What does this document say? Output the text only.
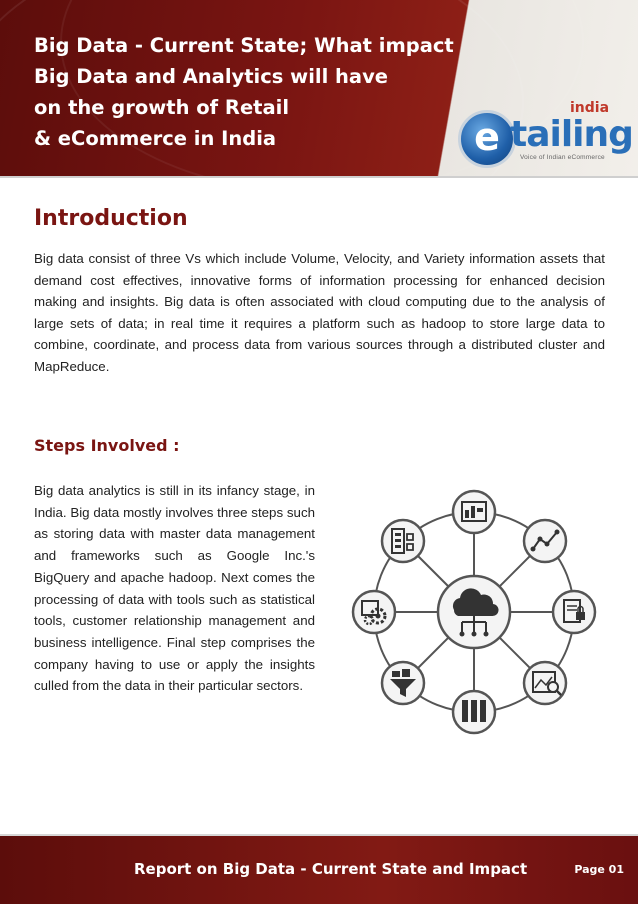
Big Data - Current State; What impact
Big Data and Analytics will have
on the growth of Retail
& eCommerce in India	e tailing
india
Voice of Indian eCommerce
Introduction

Big data consist of three Vs which include Volume, Velocity, and Variety information assets that demand cost effectives, innovative forms of information processing for enhanced decision making and insights. Big data is often associated with cloud computing due to the analysis of large sets of data; in real time it requires a platform such as hadoop to store large data to combine, coordinate, and process data from various sources through a distributed cluster and MapReduce.

Steps Involved :

Big data analytics is still in its infancy stage, in India. Big data mostly involves three steps such as storing data with master data management and frameworks such as Google Inc.'s BigQuery and apache hadoop. Next comes the processing of data with tools such as statistical tools, customer relationship management and business intelligence. Final step comprises the company having to use or apply the insights culled from the data in their particular sectors.

Report on Big Data - Current State and Impact	Page 01
